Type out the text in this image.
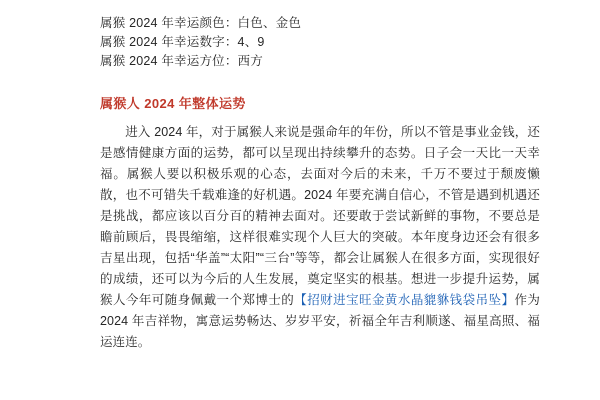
属猴 2024 年幸运颜色：白色、金色
属猴 2024 年幸运数字：4、9
属猴 2024 年幸运方位：西方
属猴人 2024 年整体运势

　　进入 2024 年，对于属猴人来说是强命年的年份，所以不管是事业金钱，还是感情健康方面的运势，都可以呈现出持续攀升的态势。日子会一天比一天幸福。属猴人要以积极乐观的心态，去面对今后的未来，千万不要过于颓废懒散，也不可错失千载难逢的好机遇。2024 年要充满自信心，不管是遇到机遇还是挑战，都应该以百分百的精神去面对。还要敢于尝试新鲜的事物，不要总是瞻前顾后，畏畏缩缩，这样很难实现个人巨大的突破。本年度身边还会有很多吉星出现，包括“华盖”“太阳”“三台”等等，都会让属猴人在很多方面，实现很好的成绩，还可以为今后的人生发展，奠定坚实的根基。想进一步提升运势，属猴人今年可随身佩戴一个郑博士的【招财进宝旺金黄水晶貔貅钱袋吊坠】作为 2024 年吉祥物，寓意运势畅达、岁岁平安，祈福全年吉利顺遂、福星高照、福运连连。
